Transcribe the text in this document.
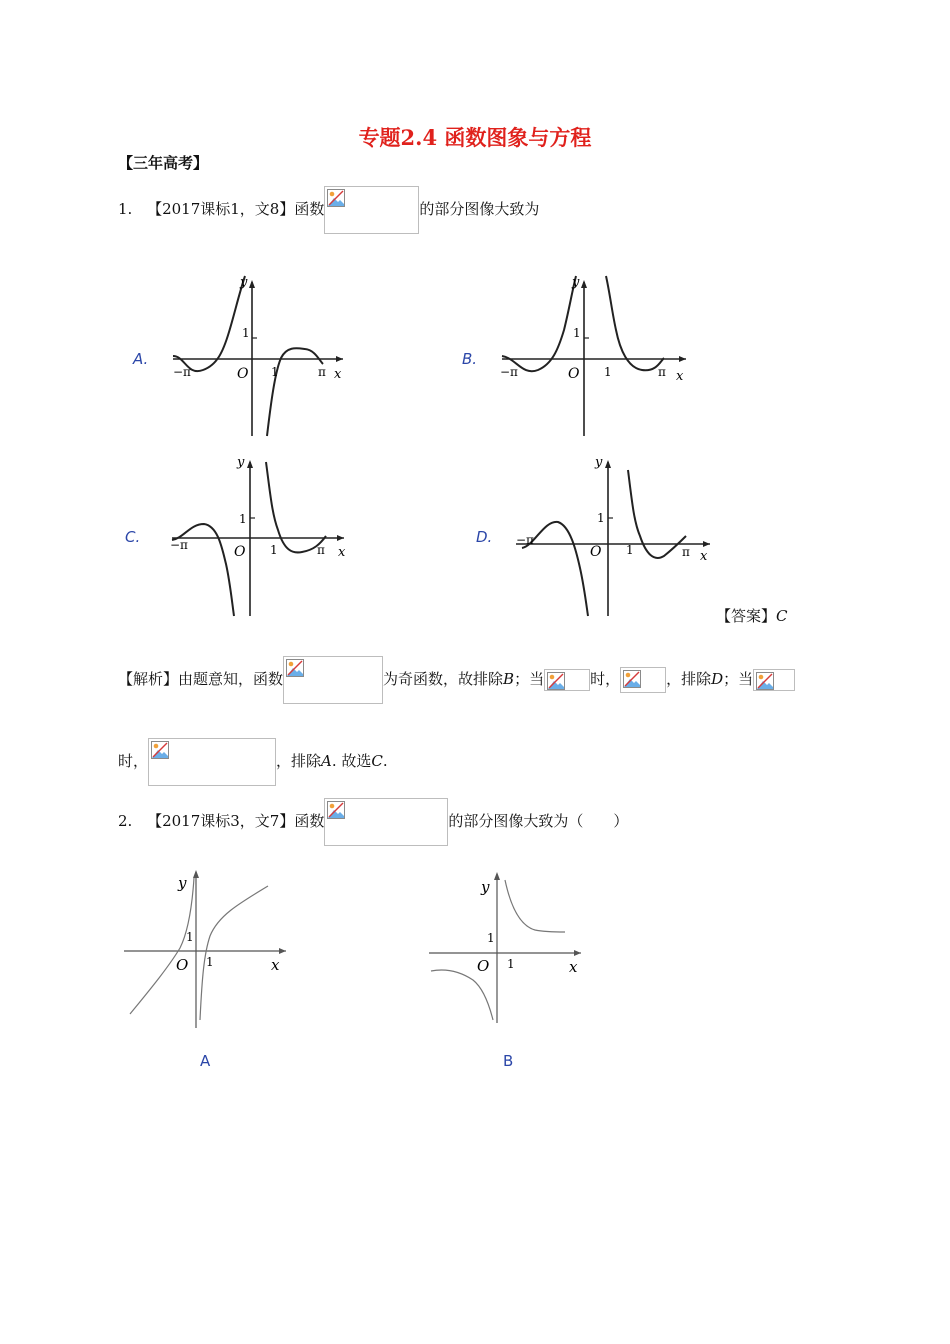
专题2.4 函数图象与方程
【三年高考】
1. 【2017课标1，文8】函数	的部分图像大致为
A.
y
1
O 1
−π	π x
B.
y
1
O 1
−π	π x
C.
y
1
O 1
−π	π x
D.
y
1
O 1
−π
π x
【答案】C
【解析】由题意知，函数	为奇函数，故排除B；当	时，	，排除D；当
时，	，排除A. 故选C.
2. 【2017课标3，文7】函数	的部分图像大致为（　　）
y
1
O 1	x
A
y
1
O 1	x
B
